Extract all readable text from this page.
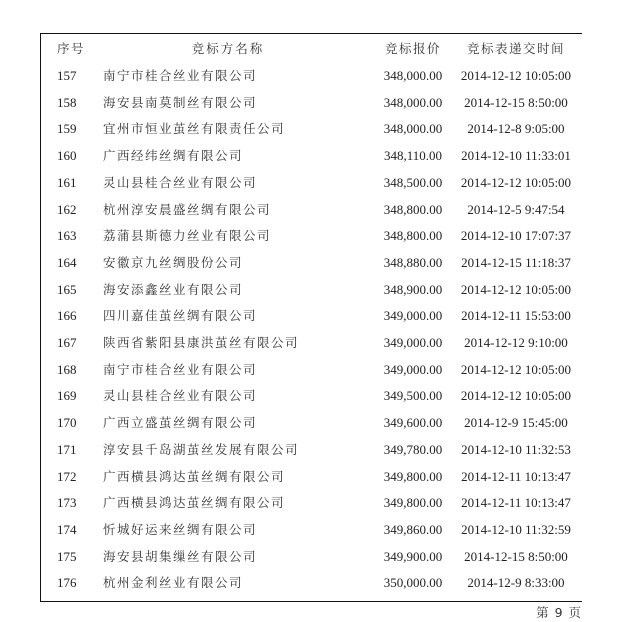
序号	竞标方名称	竞标报价	竞标表递交时间
157	南宁市桂合丝业有限公司	348,000.00	2014-12-12 10:05:00
158	海安县南莫制丝有限公司	348,000.00	2014-12-15 8:50:00
159	宜州市恒业茧丝有限责任公司	348,000.00	2014-12-8 9:05:00
160	广西经纬丝绸有限公司	348,110.00	2014-12-10 11:33:01
161	灵山县桂合丝业有限公司	348,500.00	2014-12-12 10:05:00
162	杭州淳安晨盛丝绸有限公司	348,800.00	2014-12-5 9:47:54
163	荔蒲县斯德力丝业有限公司	348,800.00	2014-12-10 17:07:37
164	安徽京九丝绸股份公司	348,880.00	2014-12-15 11:18:37
165	海安添鑫丝业有限公司	348,900.00	2014-12-12 10:05:00
166	四川嘉佳茧丝绸有限公司	349,000.00	2014-12-11 15:53:00
167	陕西省紫阳县康洪茧丝有限公司	349,000.00	2014-12-12 9:10:00
168	南宁市桂合丝业有限公司	349,000.00	2014-12-12 10:05:00
169	灵山县桂合丝业有限公司	349,500.00	2014-12-12 10:05:00
170	广西立盛茧丝绸有限公司	349,600.00	2014-12-9 15:45:00
171	淳安县千岛湖茧丝发展有限公司	349,780.00	2014-12-10 11:32:53
172	广西横县鸿达茧丝绸有限公司	349,800.00	2014-12-11 10:13:47
173	广西横县鸿达茧丝绸有限公司	349,800.00	2014-12-11 10:13:47
174	忻城好运来丝绸有限公司	349,860.00	2014-12-10 11:32:59
175	海安县胡集缫丝有限公司	349,900.00	2014-12-15 8:50:00
176	杭州金利丝业有限公司	350,000.00	2014-12-9 8:33:00
第 9 页
